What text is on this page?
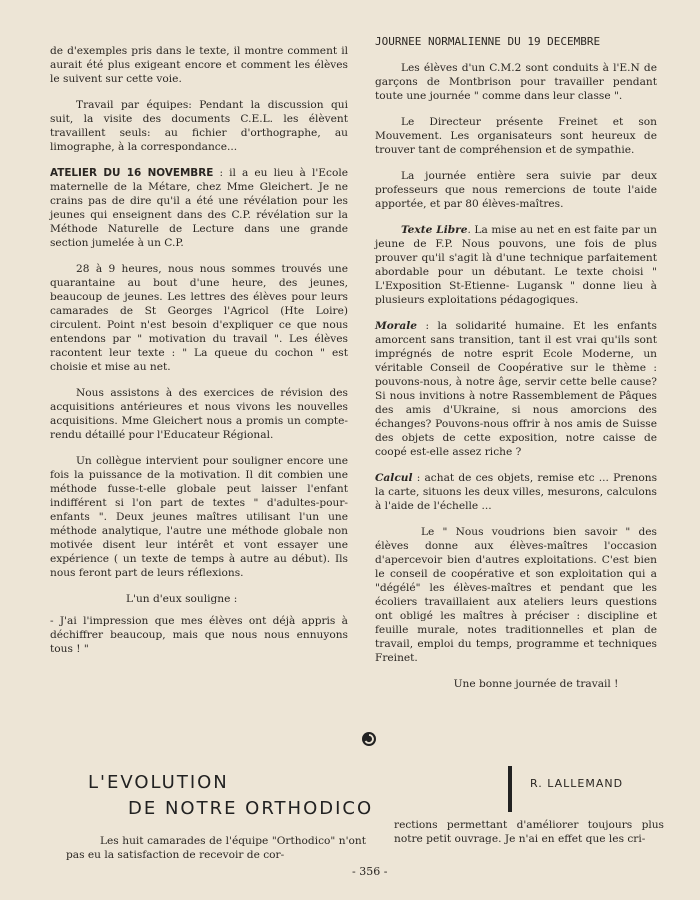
de d'exemples pris dans le texte, il montre comment il aurait été plus exigeant encore et comment les élèves le suivent sur cette voie.

Travail par équipes: Pendant la discussion qui suit, la visite des documents C.E.L. les élèvent travaillent seuls: au fichier d'orthographe, au limographe, à la correspondance...

ATELIER DU 16 NOVEMBRE : il a eu lieu à l'Ecole maternelle de la Métare, chez Mme Gleichert. Je ne crains pas de dire qu'il a été une révélation pour les jeunes qui enseignent dans des C.P. révélation sur la Méthode Naturelle de Lecture dans une grande section jumelée à un C.P.

28 à 9 heures, nous nous sommes trouvés une quarantaine au bout d'une heure, des jeunes, beaucoup de jeunes. Les lettres des élèves pour leurs camarades de St Georges l'Agricol (Hte Loire) circulent. Point n'est besoin d'expliquer ce que nous entendons par " motivation du travail ". Les élèves racontent leur texte : " La queue du cochon " est choisie et mise au net.

Nous assistons à des exercices de révision des acquisitions antérieures et nous vivons les nouvelles acquisitions. Mme Gleichert nous a promis un compte-rendu détaillé pour l'Educateur Régional.

Un collègue intervient pour souligner encore une fois la puissance de la motivation. Il dit combien une méthode fusse-t-elle globale peut laisser l'enfant indifférent si l'on part de textes " d'adultes-pour-enfants ". Deux jeunes maîtres utilisant l'un une méthode analytique, l'autre une méthode globale non motivée disent leur intérêt et vont essayer une expérience ( un texte de temps à autre au début). Ils nous feront part de leurs réflexions.

L'un d'eux souligne :

- J'ai l'impression que mes élèves ont déjà appris à déchiffrer beaucoup, mais que nous nous ennuyons tous ! "

JOURNEE NORMALIENNE DU 19 DECEMBRE

Les élèves d'un C.M.2 sont conduits à l'E.N de garçons de Montbrison pour travailler pendant toute une journée " comme dans leur classe ".

Le Directeur présente Freinet et son Mouvement. Les organisateurs sont heureux de trouver tant de compréhension et de sympathie.

La journée entière sera suivie par deux professeurs que nous remercions de toute l'aide apportée, et par 80 élèves-maîtres.

Texte Libre. La mise au net en est faite par un jeune de F.P. Nous pouvons, une fois de plus prouver qu'il s'agit là d'une technique parfaitement abordable pour un débutant. Le texte choisi " L'Exposition St-Etienne- Lugansk " donne lieu à plusieurs exploitations pédagogiques.

Morale : la solidarité humaine. Et les enfants amorcent sans transition, tant il est vrai qu'ils sont imprégnés de notre esprit Ecole Moderne, un véritable Conseil de Coopérative sur le thème : pouvons-nous, à notre âge, servir cette belle cause? Si nous invitions à notre Rassemblement de Pâques des amis d'Ukraine, si nous amorcions des échanges? Pouvons-nous offrir à nos amis de Suisse des objets de cette exposition, notre caisse de coopé est-elle assez riche ?

Calcul : achat de ces objets, remise etc ... Prenons la carte, situons les deux villes, mesurons, calculons à l'aide de l'échelle ...

Le " Nous voudrions bien savoir " des élèves donne aux élèves-maîtres l'occasion d'apercevoir bien d'autres exploitations. C'est bien le conseil de coopérative et son exploitation qui a "dégélé" les élèves-maîtres et pendant que les écoliers travaillaient aux ateliers leurs questions ont obligé les maîtres à préciser : discipline et feuille murale, notes traditionnelles et plan de travail, emploi du temps, programme et techniques Freinet.

Une bonne journée de travail !

L'EVOLUTION
DE NOTRE ORTHODICO
R. LALLEMAND
Les huit camarades de l'équipe "Orthodico" n'ont pas eu la satisfaction de recevoir de cor-
rections permettant d'améliorer toujours plus notre petit ouvrage. Je n'ai en effet que les cri-
- 356 -
